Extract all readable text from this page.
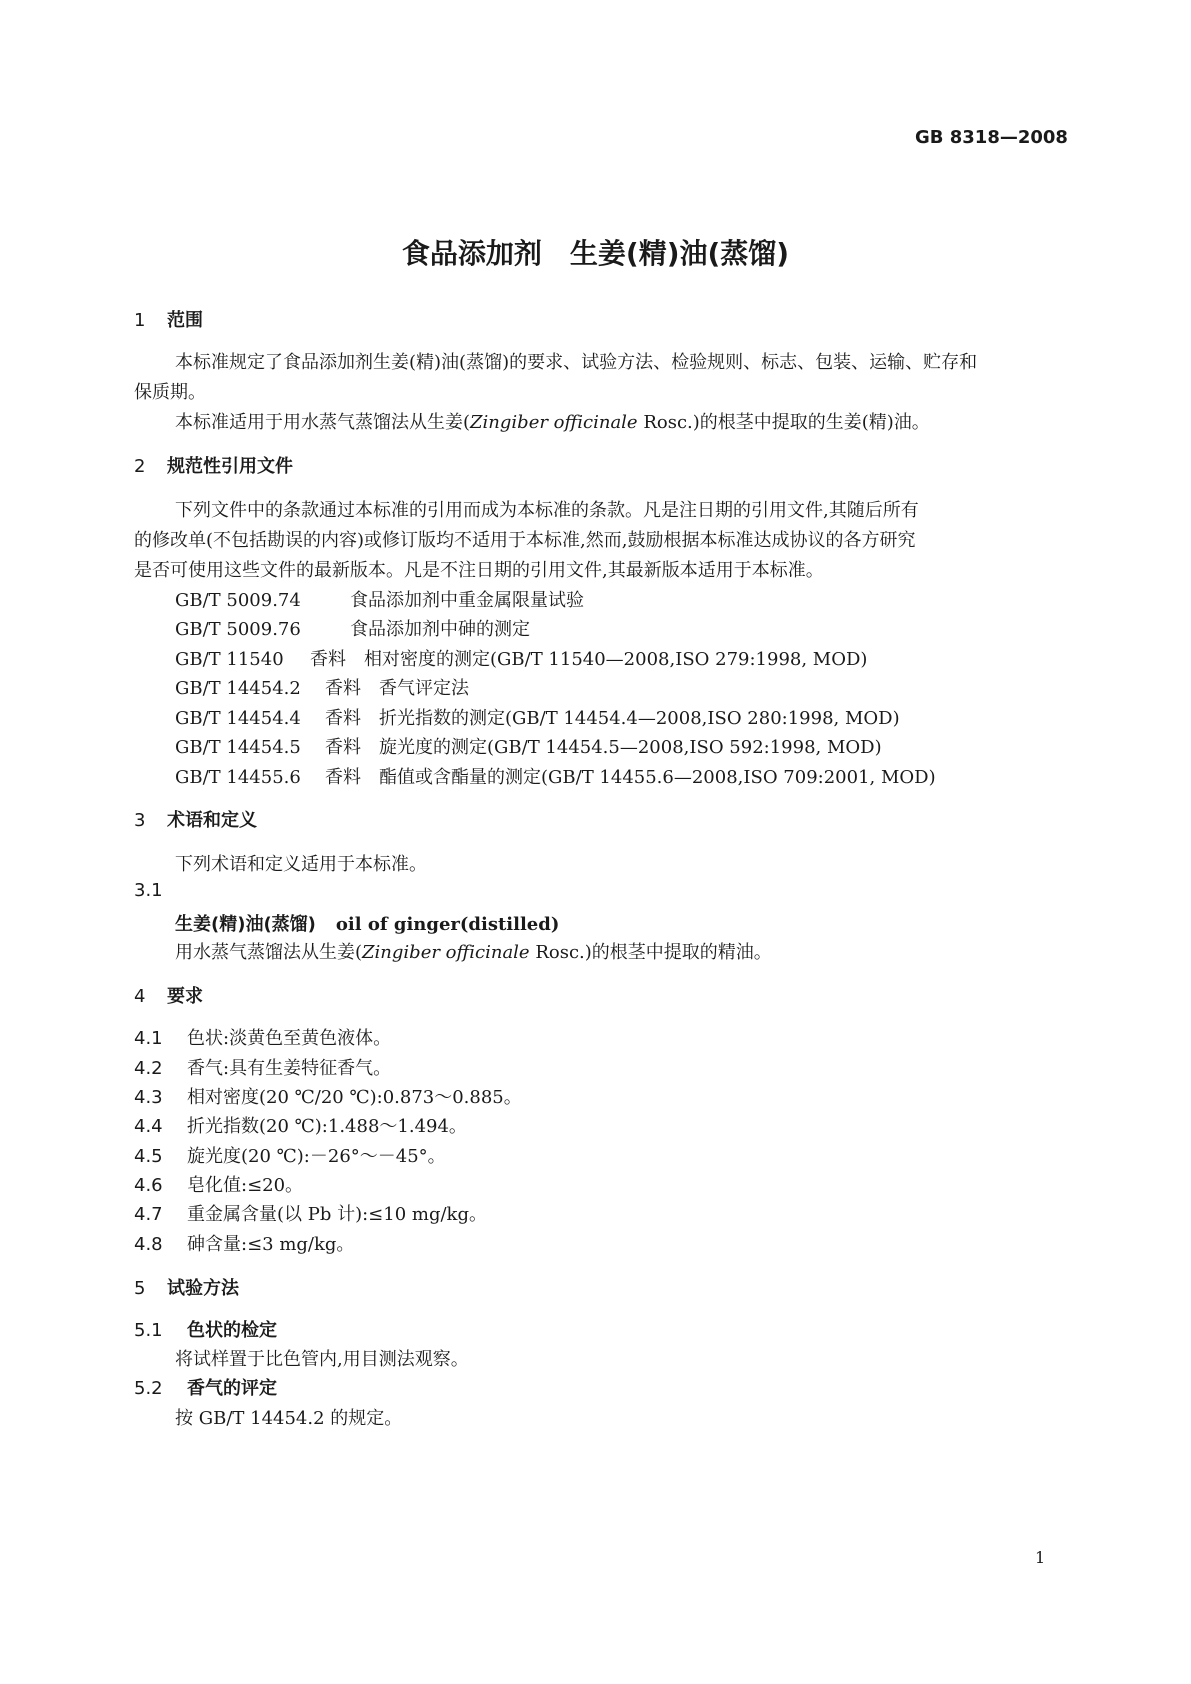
GB 8318—2008
食品添加剂　生姜(精)油(蒸馏)
1 范围
本标准规定了食品添加剂生姜(精)油(蒸馏)的要求、试验方法、检验规则、标志、包装、运输、贮存和
保质期。
本标准适用于用水蒸气蒸馏法从生姜(Zingiber officinale Rosc.)的根茎中提取的生姜(精)油。
2 规范性引用文件
下列文件中的条款通过本标准的引用而成为本标准的条款。凡是注日期的引用文件,其随后所有
的修改单(不包括勘误的内容)或修订版均不适用于本标准,然而,鼓励根据本标准达成协议的各方研究
是否可使用这些文件的最新版本。凡是不注日期的引用文件,其最新版本适用于本标准。
GB/T 5009.74	食品添加剂中重金属限量试验
GB/T 5009.76	食品添加剂中砷的测定
GB/T 11540 香料　相对密度的测定(GB/T 11540—2008,ISO 279:1998, MOD)
GB/T 14454.2 香料　香气评定法
GB/T 14454.4 香料　折光指数的测定(GB/T 14454.4—2008,ISO 280:1998, MOD)
GB/T 14454.5 香料　旋光度的测定(GB/T 14454.5—2008,ISO 592:1998, MOD)
GB/T 14455.6 香料　酯值或含酯量的测定(GB/T 14455.6—2008,ISO 709:2001, MOD)
3 术语和定义
下列术语和定义适用于本标准。
3.1
生姜(精)油(蒸馏) oil of ginger(distilled)
用水蒸气蒸馏法从生姜(Zingiber officinale Rosc.)的根茎中提取的精油。
4 要求
4.1 色状:淡黄色至黄色液体。
4.2 香气:具有生姜特征香气。
4.3 相对密度(20 ℃/20 ℃):0.873～0.885。
4.4 折光指数(20 ℃):1.488～1.494。
4.5 旋光度(20 ℃):－26°～－45°。
4.6 皂化值:≤20。
4.7 重金属含量(以 Pb 计):≤10 mg/kg。
4.8 砷含量:≤3 mg/kg。
5 试验方法
5.1 色状的检定
将试样置于比色管内,用目测法观察。
5.2 香气的评定
按 GB/T 14454.2 的规定。
1
